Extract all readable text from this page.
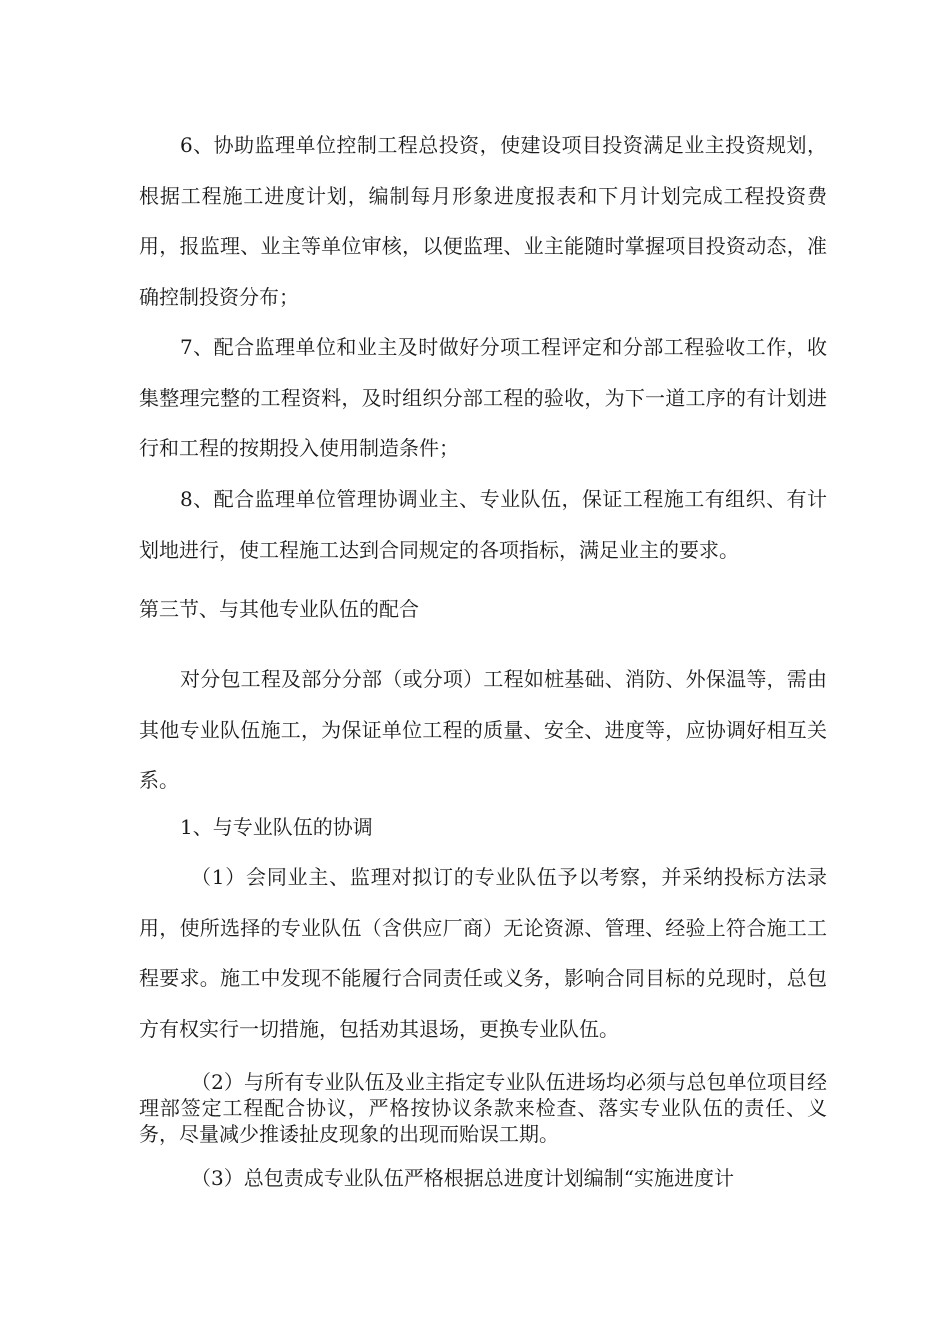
6、协助监理单位控制工程总投资，使建设项目投资满足业主投资规划，根据工程施工进度计划，编制每月形象进度报表和下月计划完成工程投资费用，报监理、业主等单位审核，以便监理、业主能随时掌握项目投资动态，准确控制投资分布；

7、配合监理单位和业主及时做好分项工程评定和分部工程验收工作，收集整理完整的工程资料，及时组织分部工程的验收，为下一道工序的有计划进行和工程的按期投入使用制造条件；

8、配合监理单位管理协调业主、专业队伍，保证工程施工有组织、有计划地进行，使工程施工达到合同规定的各项指标，满足业主的要求。

第三节、与其他专业队伍的配合

对分包工程及部分分部（或分项）工程如桩基础、消防、外保温等，需由其他专业队伍施工，为保证单位工程的质量、安全、进度等，应协调好相互关系。

1、与专业队伍的协调

（1）会同业主、监理对拟订的专业队伍予以考察，并采纳投标方法录用，使所选择的专业队伍（含供应厂商）无论资源、管理、经验上符合施工工程要求。施工中发现不能履行合同责任或义务，影响合同目标的兑现时，总包方有权实行一切措施，包括劝其退场，更换专业队伍。

（2）与所有专业队伍及业主指定专业队伍进场均必须与总包单位项目经理部签定工程配合协议，严格按协议条款来检查、落实专业队伍的责任、义务，尽量减少推诿扯皮现象的出现而贻误工期。

（3）总包责成专业队伍严格根据总进度计划编制“实施进度计
